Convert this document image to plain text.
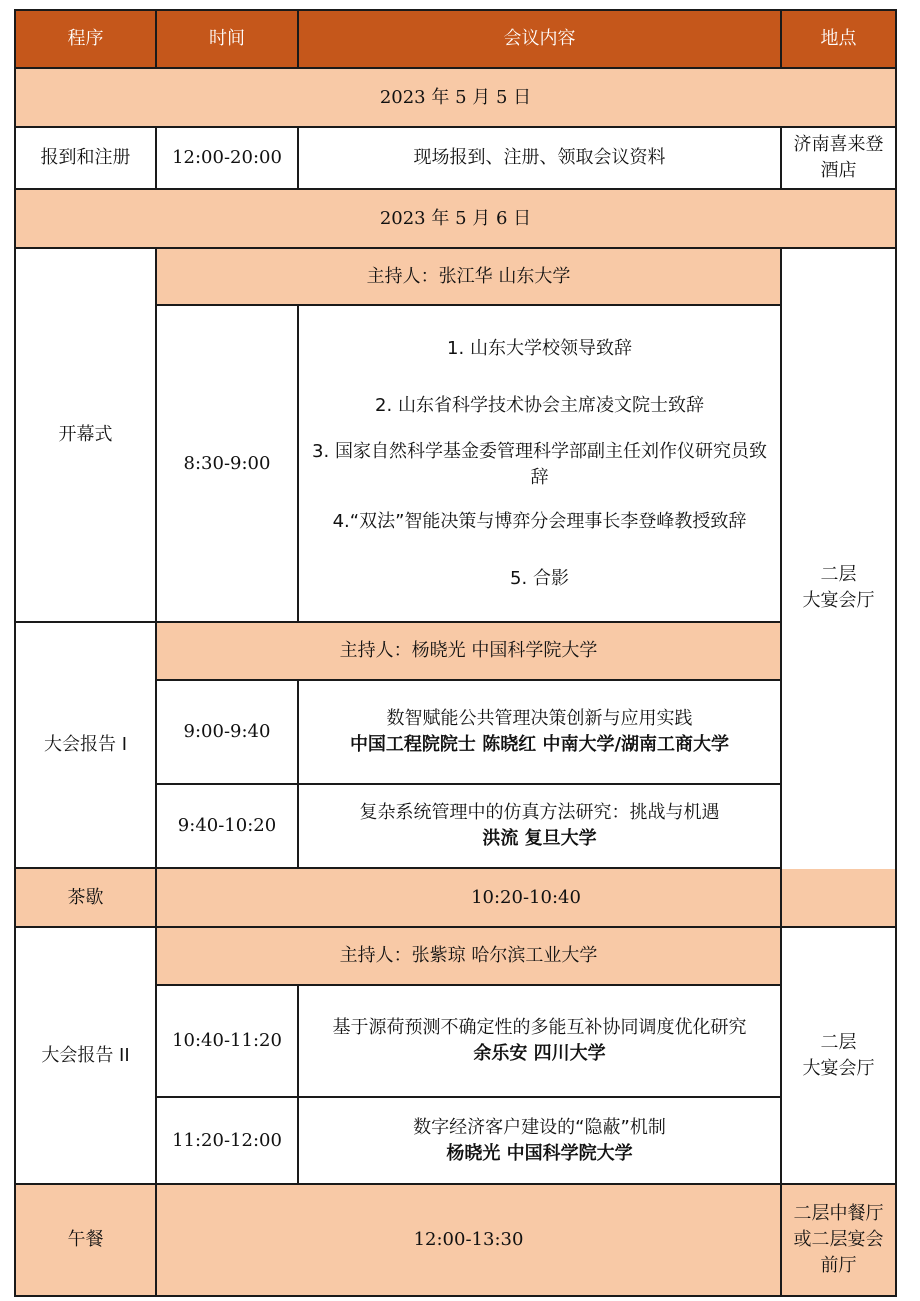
程序	时间	会议内容	地点
2023 年 5 月 5 日			
报到和注册	12:00-20:00	现场报到、注册、领取会议资料	济南喜来登
酒店

2023 年 5 月 6 日			
开幕式	主持人：张江华 山东大学		二层
大宴会厅

	8:30-9:00	1. 山东大学校领导致辞
2. 山东省科学技术协会主席凌文院士致辞
3. 国家自然科学基金委管理科学部副主任刘作仪研究员致辞
4.“双法”智能决策与博弈分会理事长李登峰教授致辞
5. 合影	

大会报告 I	主持人：杨晓光 中国科学院大学		
	9:00-9:40	数智赋能公共管理决策创新与应用实践
中国工程院院士 陈晓红 中南大学/湖南工商大学	

	9:40-10:20	复杂系统管理中的仿真方法研究：挑战与机遇
洪流 复旦大学	

茶歇	10:20-10:40		
大会报告 II	主持人：张紫琼 哈尔滨工业大学		二层
大宴会厅

	10:40-11:20	基于源荷预测不确定性的多能互补协同调度优化研究
余乐安 四川大学	

	11:20-12:00	数字经济客户建设的“隐蔽”机制
杨晓光 中国科学院大学	

午餐	12:00-13:30		二层中餐厅
或二层宴会
前厅
